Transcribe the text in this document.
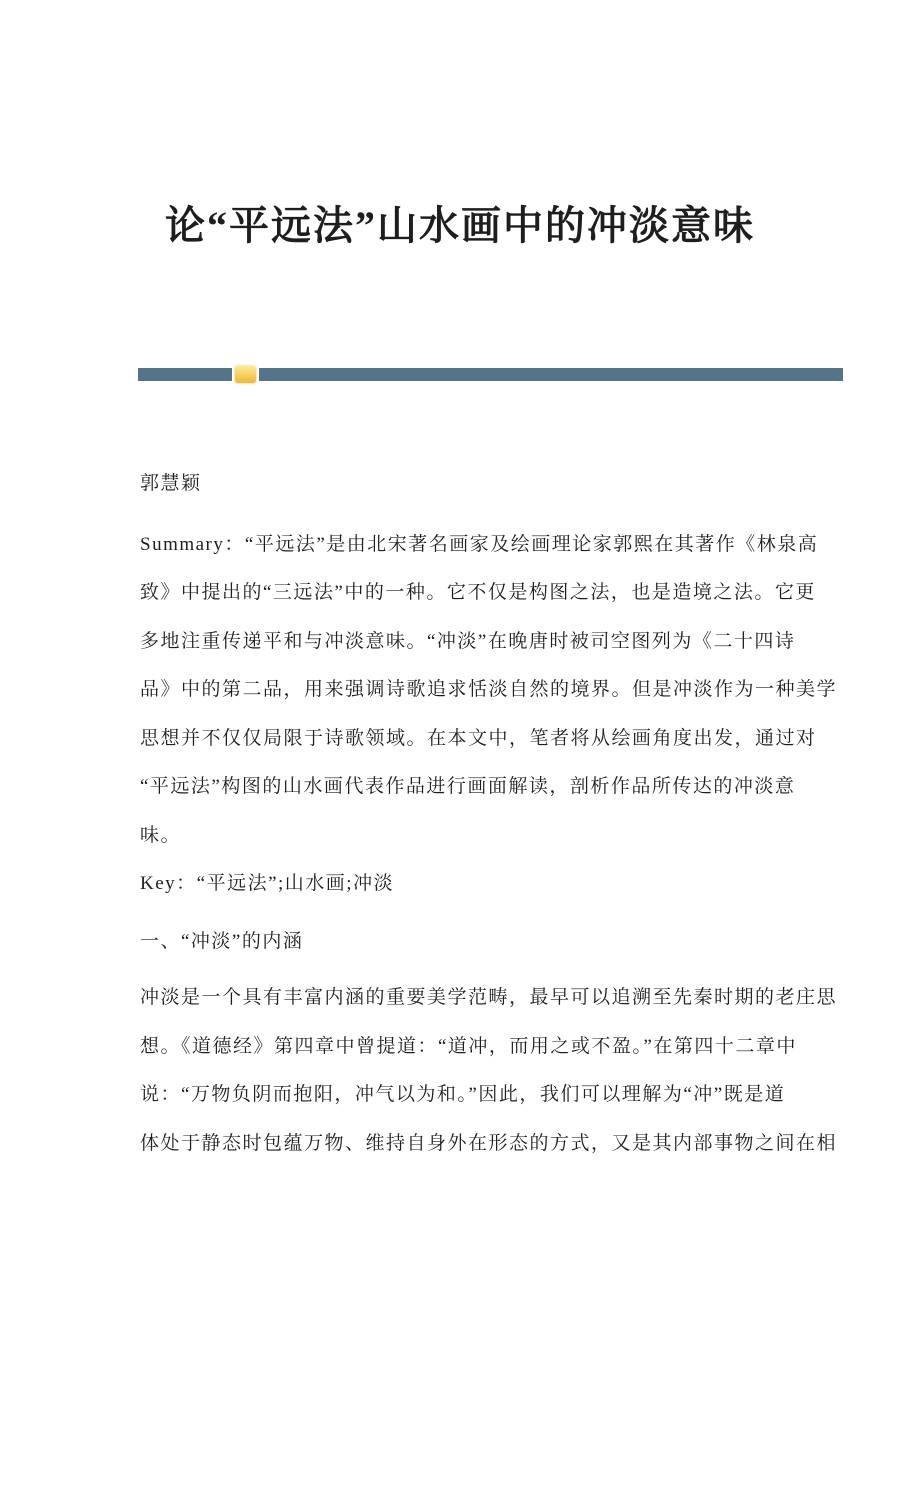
论“平远法”山水画中的冲淡意味
郭慧颖
Summary：“平远法”是由北宋著名画家及绘画理论家郭熙在其著作《林泉高
致》中提出的“三远法”中的一种。它不仅是构图之法，也是造境之法。它更
多地注重传递平和与冲淡意味。“冲淡”在晚唐时被司空图列为《二十四诗
品》中的第二品，用来强调诗歌追求恬淡自然的境界。但是冲淡作为一种美学
思想并不仅仅局限于诗歌领域。在本文中，笔者将从绘画角度出发，通过对
“平远法”构图的山水画代表作品进行画面解读，剖析作品所传达的冲淡意
味。
Key：“平远法”;山水画;冲淡
一、“冲淡”的内涵
冲淡是一个具有丰富内涵的重要美学范畴，最早可以追溯至先秦时期的老庄思
想。《道德经》第四章中曾提道：“道冲，而用之或不盈。”在第四十二章中
说：“万物负阴而抱阳，冲气以为和。”因此，我们可以理解为“冲”既是道
体处于静态时包蕴万物、维持自身外在形态的方式，又是其内部事物之间在相
